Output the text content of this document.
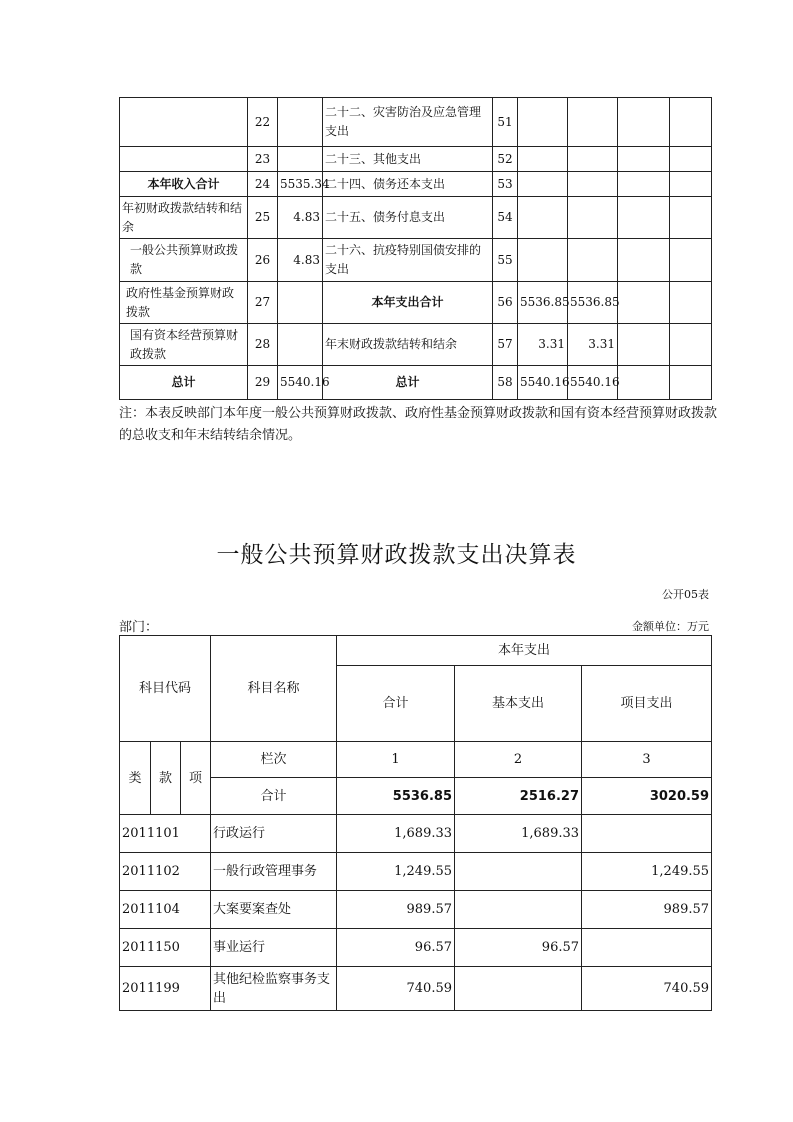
	22		二十二、灾害防治及应急管理支出	51				
	23		二十三、其他支出	52				
本年收入合计	24	5535.34	二十四、债务还本支出	53				
年初财政拨款结转和结余	25	4.83	二十五、债务付息支出	54				
一般公共预算财政拨款	26	4.83	二十六、抗疫特别国债安排的支出	55				
政府性基金预算财政拨款	27		本年支出合计	56	5536.85	5536.85		
国有资本经营预算财政拨款	28		年末财政拨款结转和结余	57	3.31	3.31		
总计	29	5540.16	总计	58	5540.16	5540.16		
注：本表反映部门本年度一般公共预算财政拨款、政府性基金预算财政拨款和国有资本经营预算财政拨款的总收支和年末结转结余情况。
一般公共预算财政拨款支出决算表
公开05表
部门：	金额单位：万元
科目代码			科目名称	本年支出		
				合计	基本支出	项目支出
类	款	项	栏次	1	2	3
			合计	5536.85	2516.27	3020.59
2011101			行政运行	1,689.33	1,689.33	
2011102			一般行政管理事务	1,249.55		1,249.55
2011104			大案要案查处	989.57		989.57
2011150			事业运行	96.57	96.57	
2011199			其他纪检监察事务支出	740.59		740.59
